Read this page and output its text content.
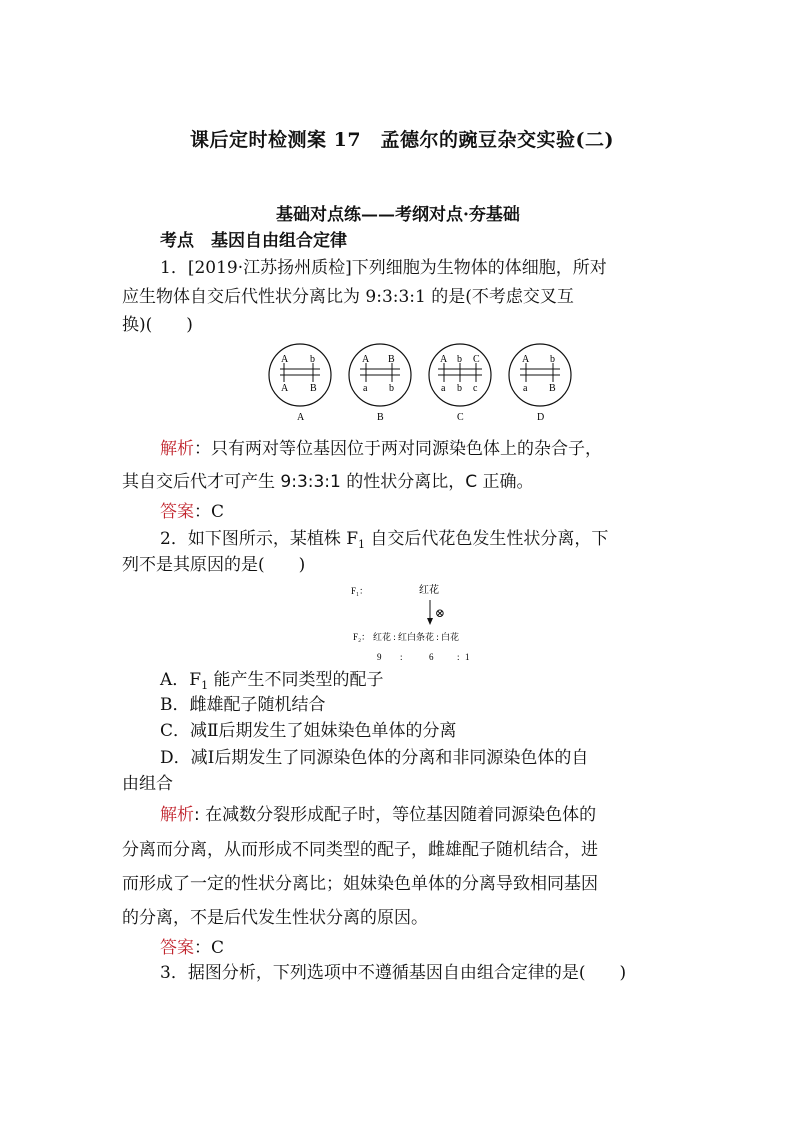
课后定时检测案 17　孟德尔的豌豆杂交实验(二)
基础对点练——考纲对点·夯基础
考点　基因自由组合定律
1．[2019·江苏扬州质检]下列细胞为生物体的体细胞，所对
应生物体自交后代性状分离比为 9:3:3:1 的是(不考虑交叉互
换)(　　)
A b
A B
A
A B
a b
B
A b C
a b c
C
A b
a B
D
解析：只有两对等位基因位于两对同源染色体上的杂合子，
其自交后代才可产生 9:3:3:1 的性状分离比，C 正确。
答案：C
2．如下图所示，某植株 $F_1$ 自交后代花色发生性状分离，下
列不是其原因的是(　　)
F₁：	红花
⊗
F₂： 红花 : 红白条花 : 白花
9 :	6	: 1
A．$F_1$ 能产生不同类型的配子
B．雌雄配子随机结合
C．减Ⅱ后期发生了姐妹染色单体的分离
D．减Ⅰ后期发生了同源染色体的分离和非同源染色体的自
由组合
解析: 在减数分裂形成配子时，等位基因随着同源染色体的
分离而分离，从而形成不同类型的配子，雌雄配子随机结合，进
而形成了一定的性状分离比；姐妹染色单体的分离导致相同基因
的分离，不是后代发生性状分离的原因。
答案：C
3．据图分析，下列选项中不遵循基因自由组合定律的是(　　)
